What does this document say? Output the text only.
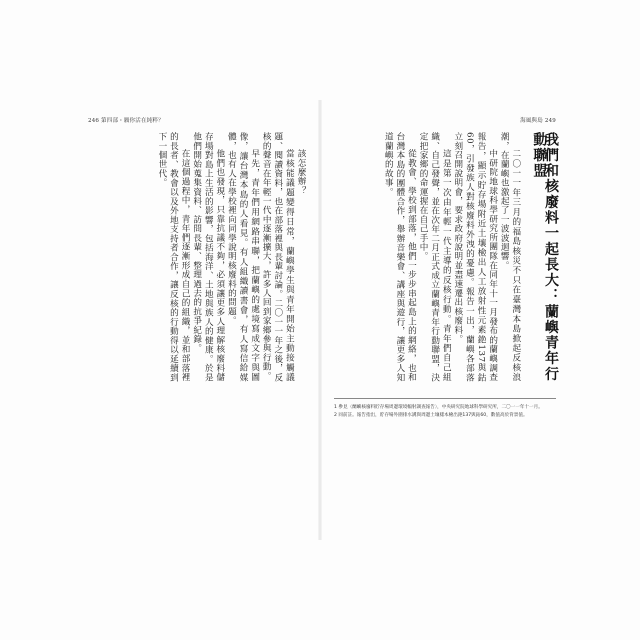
246 第四部・願你活在純粹？

該怎麼辦？

當核能議題變得日常，蘭嶼學生與青年開始主動接觸議題、閱讀資料，也在部落裡與長輩討論。二〇一一年之後，反核的聲音在年輕一代中逐漸擴大，許多人回到家鄉參與行動。

早先，青年們用網路串聯，把蘭嶼的處境寫成文字與圖像，讓台灣本島的人看見。有人組織讀書會，有人寫信給媒體，也有人在學校裡向同學說明核廢料的問題。

他們也發現，只靠抗議不夠，必須讓更多人理解核廢料儲存場對島上生活的影響，包括海洋、土地與族人的健康。於是他們開始蒐集資料、訪問長輩、整理過去的抗爭紀錄。

在這個過程中，青年們逐漸形成自己的組織，並和部落裡的長者、教會以及外地支持者合作，讓反核的行動得以延續到下一個世代。

海風與島 249
我們和核廢料一起長大：蘭嶼青年行動聯盟

二〇一一年三月的福島核災不只在臺灣本島掀起反核浪潮，在蘭嶼也激起了一波波迴響。

中研院地球科學研究所團隊在同年十一月發布的蘭嶼調查報告，顯示貯存場附近土壤檢出人工放射性元素銫137與鈷60，引發族人對核廢料外洩的憂慮。報告一出，蘭嶼各部落立刻召開說明會，要求政府說明並盡速遷出核廢料。

這是第一次由年輕一代主導的反核行動。青年們自己組織、自己發聲，並在次年二月正式成立蘭嶼青年行動聯盟，決定把家鄉的命運握在自己手中。

從教會、學校到部落，他們一步步串起島上的網絡，也和台灣本島的團體合作，舉辦音樂會、講座與遊行，讓更多人知道蘭嶼的故事。

1 參見〈蘭嶼核廢料貯存場周邊環境輻射調查報告〉，中央研究院地球科學研究所，二〇一一年十一月。
2 同前註。報告指出，貯存場外圍排水溝與周邊土壤樣本檢出銫137與鈷60，數值高於背景值。
